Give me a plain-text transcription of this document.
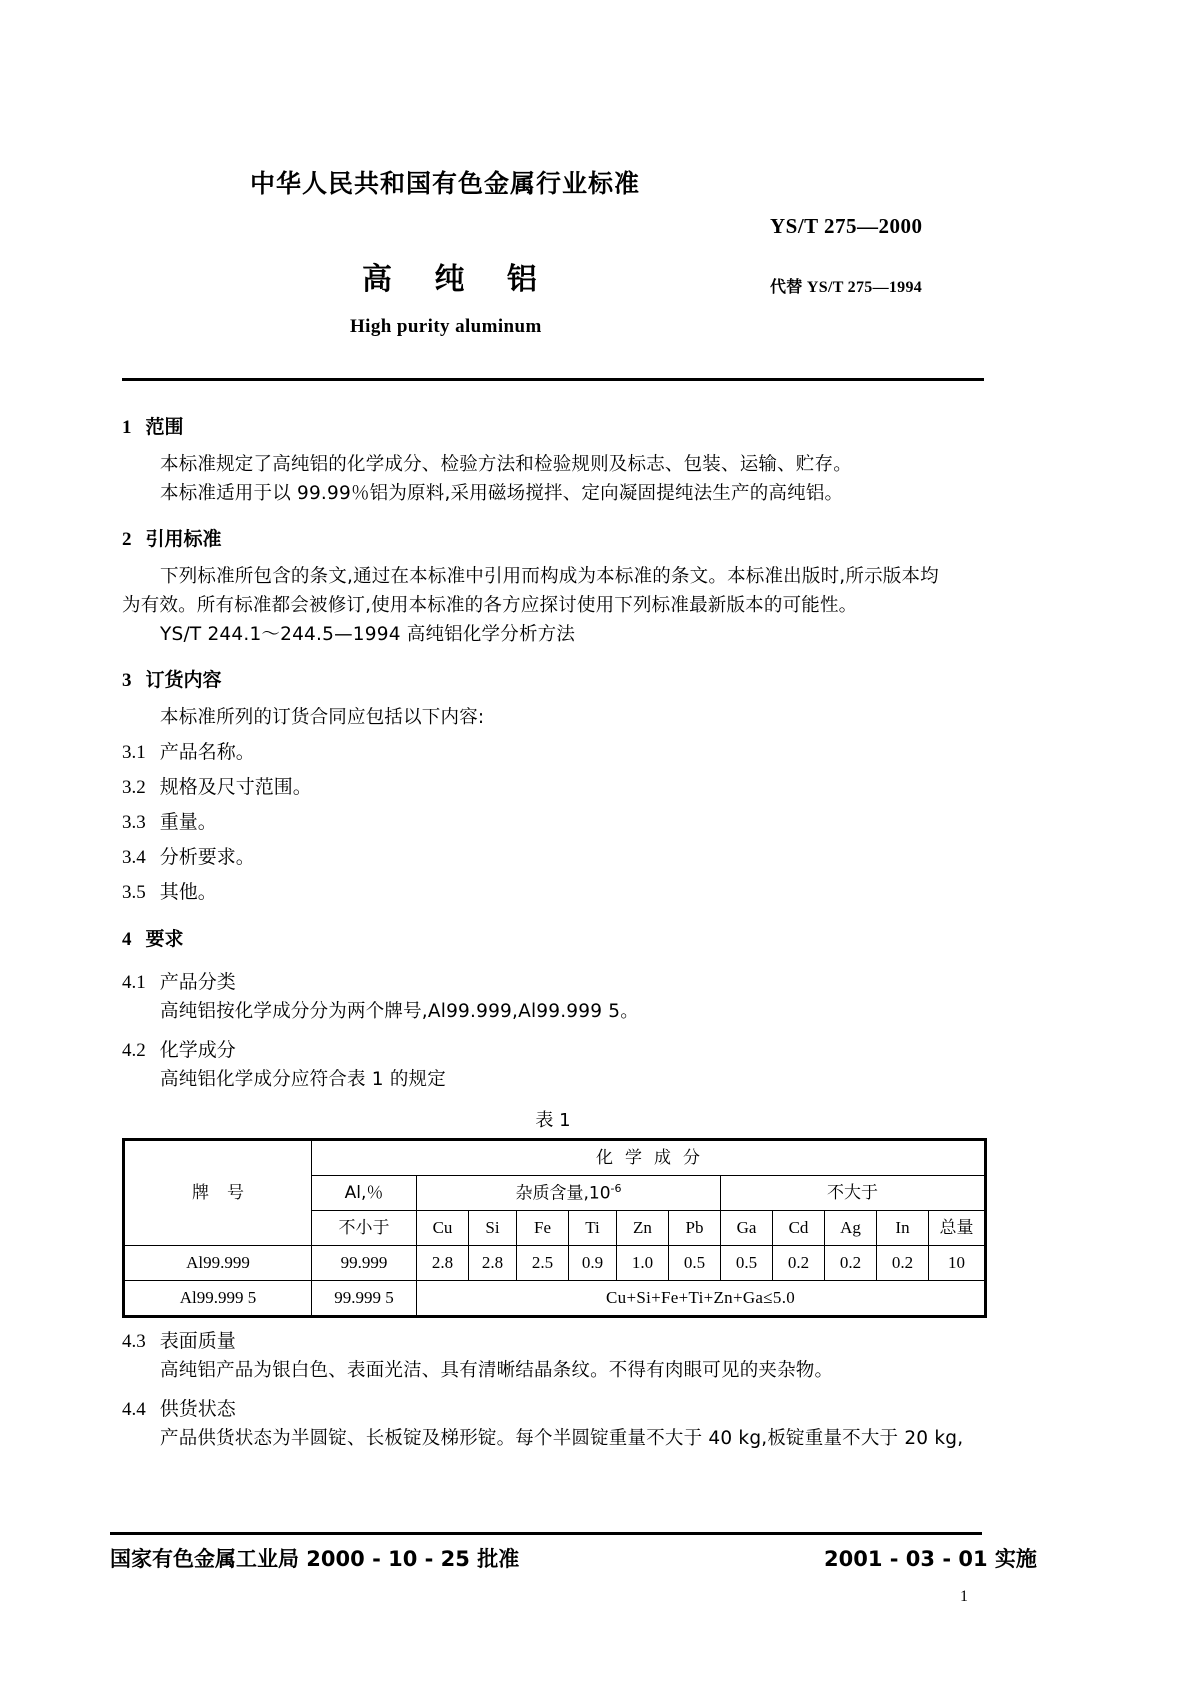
中华人民共和国有色金属行业标准
YS/T 275—2000
高 纯 铝	代替 YS/T 275—1994
High purity aluminum
1 范围

本标准规定了高纯铝的化学成分、检验方法和检验规则及标志、包装、运输、贮存。

本标准适用于以 99.99％铝为原料,采用磁场搅拌、定向凝固提纯法生产的高纯铝。

2 引用标准

下列标准所包含的条文,通过在本标准中引用而构成为本标准的条文。本标准出版时,所示版本均

为有效。所有标准都会被修订,使用本标准的各方应探讨使用下列标准最新版本的可能性。

YS/T 244.1～244.5—1994 高纯铝化学分析方法

3 订货内容

本标准所列的订货合同应包括以下内容:

3.1 产品名称。
3.2 规格及尺寸范围。
3.3 重量。
3.4 分析要求。
3.5 其他。
4 要求
4.1 产品分类

高纯铝按化学成分分为两个牌号,Al99.999,Al99.999 5。

4.2 化学成分

高纯铝化学成分应符合表 1 的规定

表 1
牌号	化学成分											
	Al,％	杂质含量$,10^{-6}$						不大于				
	不小于	Cu	Si	Fe	Ti	Zn	Pb	Ga	Cd	Ag	In	总量
Al99.999	99.999	2.8	2.8	2.5	0.9	1.0	0.5	0.5	0.2	0.2	0.2	10
Al99.999 5	99.999 5	Cu+Si+Fe+Ti+Zn+Ga≤5.0										
4.3 表面质量

高纯铝产品为银白色、表面光洁、具有清晰结晶条纹。不得有肉眼可见的夹杂物。

4.4 供货状态

产品供货状态为半圆锭、长板锭及梯形锭。每个半圆锭重量不大于 40 kg,板锭重量不大于 20 kg,

国家有色金属工业局 2000 - 10 - 25 批准	2001 - 03 - 01 实施
1
